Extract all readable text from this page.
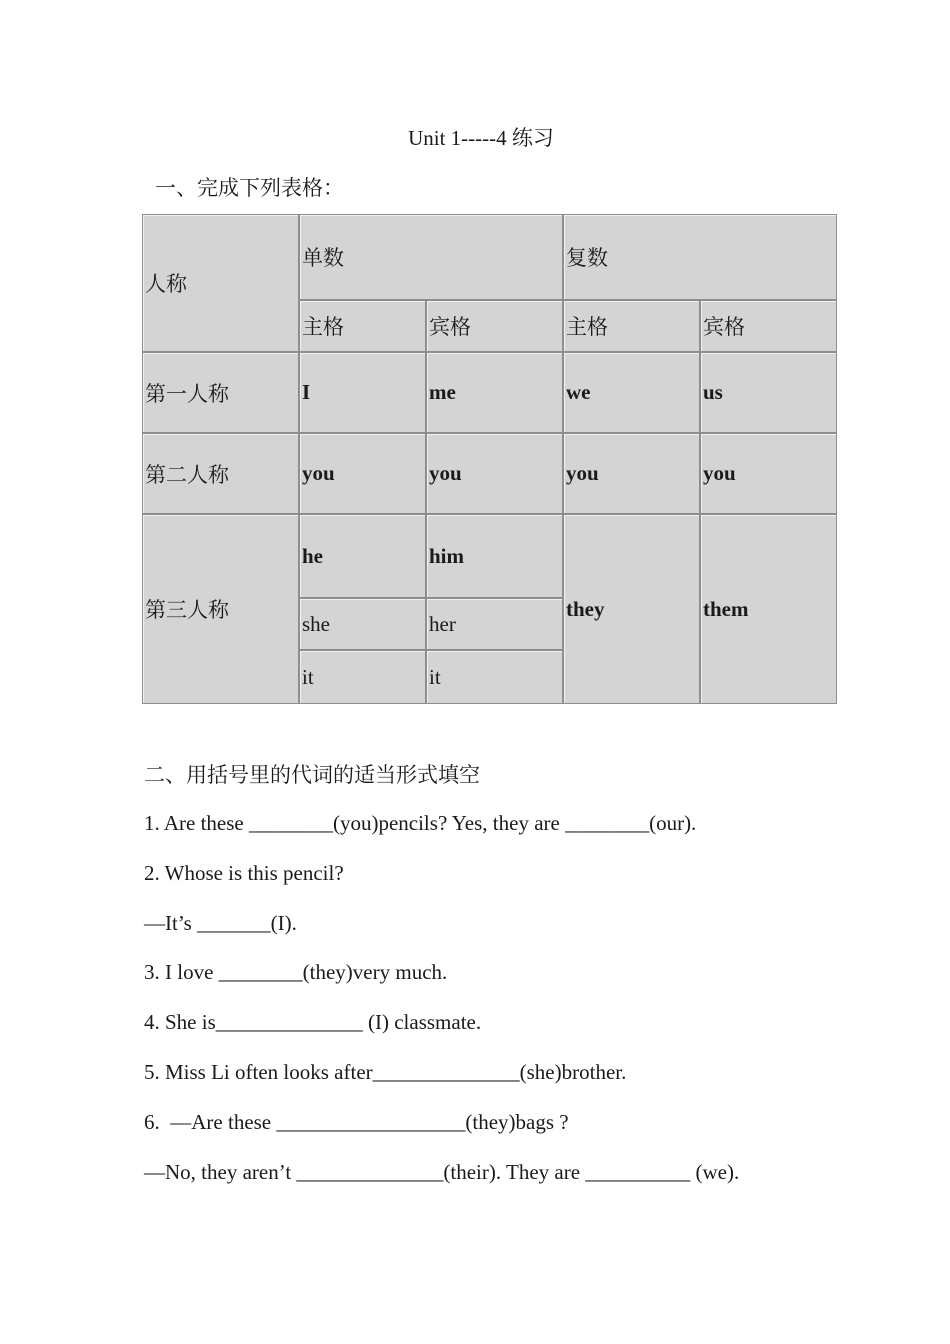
Unit 1-----4 练习
一、完成下列表格：
人称
单数	复数
主格	宾格	主格	宾格
第一人称	I	me	we	us
第二人称	you	you	you	you
第三人称
he	him
she	her
it	it
they	them
二、用括号里的代词的适当形式填空
1. Are these ________(you)pencils? Yes, they are ________(our).
2. Whose is this pencil?
—It’s _______(I).
3. I love ________(they)very much.
4. She is______________ (I) classmate.
5. Miss Li often looks after______________(she)brother.
6.  —Are these __________________(they)bags ?
—No, they aren’t ______________(their). They are __________ (we).
